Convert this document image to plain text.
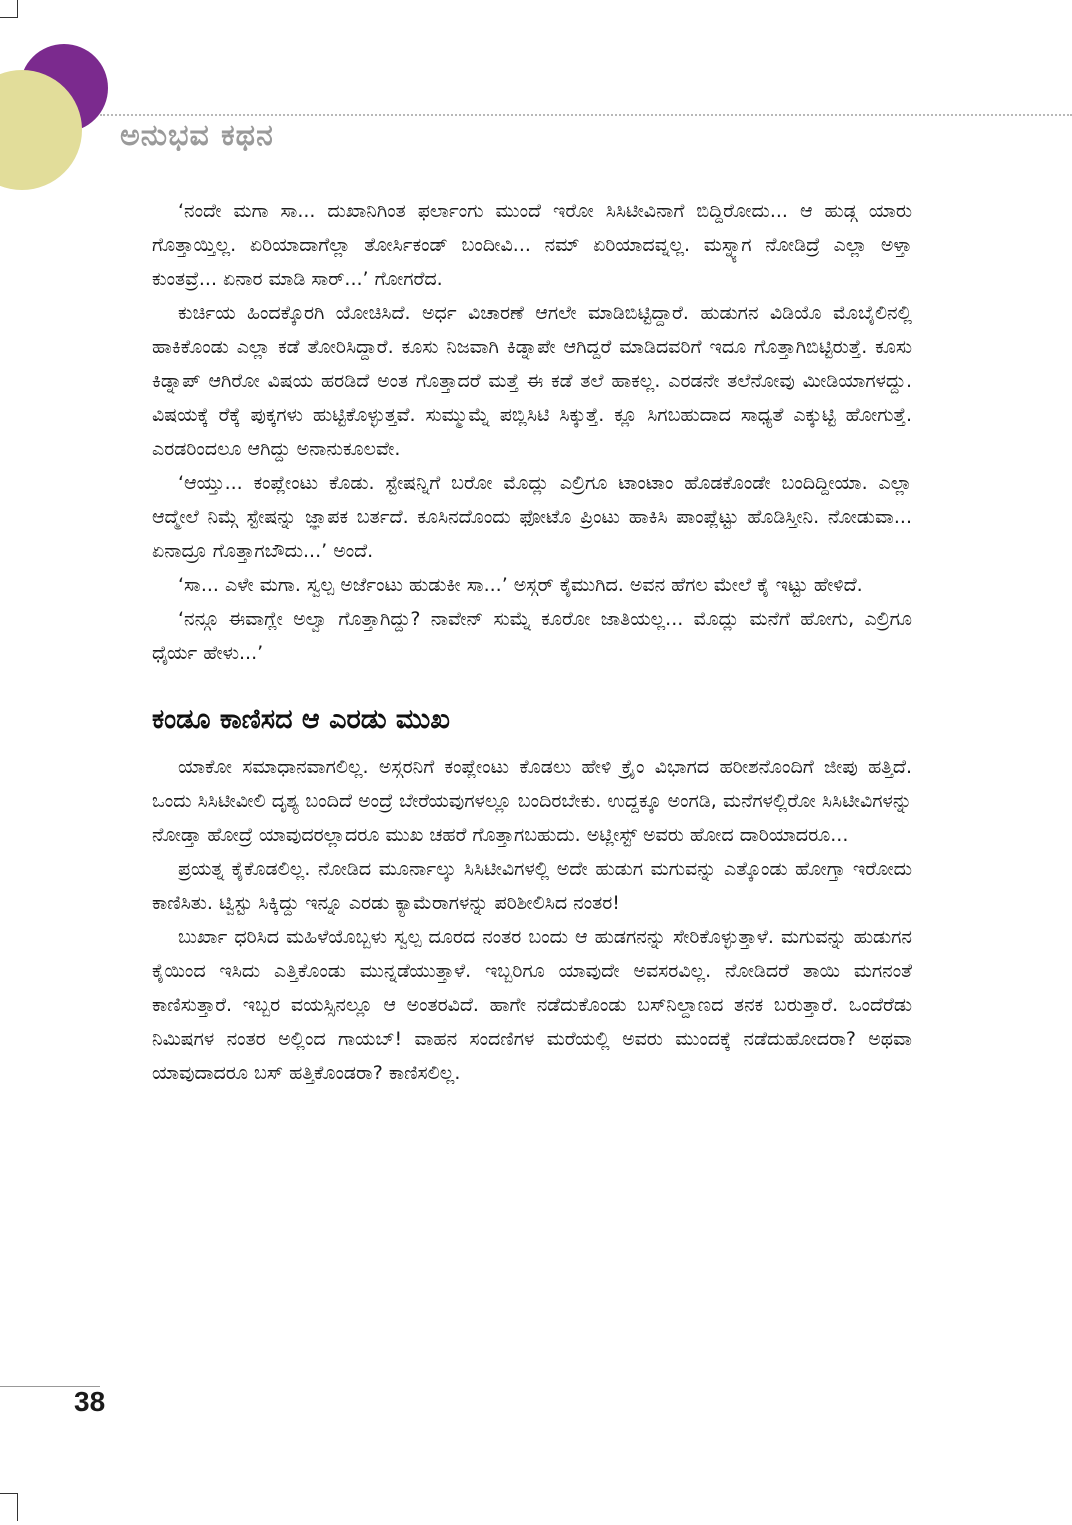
ಅನುಭವ ಕಥನ

‘ನಂದೇ ಮಗಾ ಸಾ... ದುಖಾನಿಗಿಂತ ಫರ್ಲಾಂಗು ಮುಂದೆ ಇರೋ ಸಿಸಿಟೀವಿನಾಗೆ ಬಿದ್ದಿರೋದು... ಆ ಹುಡ್ಗ ಯಾರು ಗೊತ್ತಾಯ್ತಿಲ್ಲ. ಏರಿಯಾದಾಗೆಲ್ಲಾ ತೋರ್ಸಿಕಂಡ್ ಬಂದೀವಿ... ನಮ್ ಏರಿಯಾದವ್ನಲ್ಲ. ಮಸ್ನ್ಯಾಗ ನೋಡಿದ್ರೆ ಎಲ್ಲಾ ಅಳ್ತಾ ಕುಂತವ್ರೆ... ಏನಾರ ಮಾಡಿ ಸಾರ್...’ ಗೋಗರೆದ.

ಕುರ್ಚಿಯ ಹಿಂದಕ್ಕೊರಗಿ ಯೋಚಿಸಿದೆ. ಅರ್ಧ ವಿಚಾರಣೆ ಆಗಲೇ ಮಾಡಿಬಿಟ್ಟಿದ್ದಾರೆ. ಹುಡುಗನ ವಿಡಿಯೊ ಮೊಬೈಲಿನಲ್ಲಿ ಹಾಕಿಕೊಂಡು ಎಲ್ಲಾ ಕಡೆ ತೋರಿಸಿದ್ದಾರೆ. ಕೂಸು ನಿಜವಾಗಿ ಕಿಡ್ನಾಪೇ ಆಗಿದ್ದರೆ ಮಾಡಿದವರಿಗೆ ಇದೂ ಗೊತ್ತಾಗಿಬಿಟ್ಟಿರುತ್ತೆ. ಕೂಸು ಕಿಡ್ನಾಪ್ ಆಗಿರೋ ವಿಷಯ ಹರಡಿದೆ ಅಂತ ಗೊತ್ತಾದರೆ ಮತ್ತೆ ಈ ಕಡೆ ತಲೆ ಹಾಕಲ್ಲ. ಎರಡನೇ ತಲೆನೋವು ಮೀಡಿಯಾಗಳದ್ದು. ವಿಷಯಕ್ಕೆ ರೆಕ್ಕೆ ಪುಕ್ಕಗಳು ಹುಟ್ಟಿಕೊಳ್ಳುತ್ತವೆ. ಸುಮ್ಮುಮ್ನೆ ಪಬ್ಲಿಸಿಟಿ ಸಿಕ್ಕುತ್ತೆ. ಕ್ಲೂ ಸಿಗಬಹುದಾದ ಸಾಧ್ಯತೆ ಎಕ್ಕುಟ್ಟಿ ಹೋಗುತ್ತೆ. ಎರಡರಿಂದಲೂ ಆಗಿದ್ದು ಅನಾನುಕೂಲವೇ.

‘ಆಯ್ತು... ಕಂಪ್ಲೇಂಟು ಕೊಡು. ಸ್ಟೇಷನ್ನಿಗೆ ಬರೋ ಮೊದ್ಲು ಎಲ್ರಿಗೂ ಟಾಂಟಾಂ ಹೊಡಕೊಂಡೇ ಬಂದಿದ್ದೀಯಾ. ಎಲ್ಲಾ ಆದ್ಮೇಲೆ ನಿಮ್ಗೆ ಸ್ಟೇಷನ್ನು ಜ್ಞಾಪಕ ಬರ್ತದೆ. ಕೂಸಿನದೊಂದು ಫೋಟೊ ಪ್ರಿಂಟು ಹಾಕಿಸಿ ಪಾಂಪ್ಲೆಟ್ಟು ಹೊಡಿಸ್ತೀನಿ. ನೋಡುವಾ... ಏನಾದ್ರೂ ಗೊತ್ತಾಗಬೌದು...’ ಅಂದೆ.

‘ಸಾ... ಎಳೇ ಮಗಾ. ಸ್ವಲ್ಪ ಅರ್ಜೆಂಟು ಹುಡುಕೀ ಸಾ...’ ಅಸ್ಗರ್ ಕೈಮುಗಿದ. ಅವನ ಹೆಗಲ ಮೇಲೆ ಕೈ ಇಟ್ಟು ಹೇಳಿದೆ.

‘ನನ್ಗೂ ಈವಾಗ್ಲೇ ಅಲ್ವಾ ಗೊತ್ತಾಗಿದ್ದು? ನಾವೇನ್ ಸುಮ್ನೆ ಕೂರೋ ಜಾತಿಯಲ್ಲ... ಮೊದ್ಲು ಮನೆಗೆ ಹೋಗು, ಎಲ್ರಿಗೂ ಧೈರ್ಯ ಹೇಳು...’

ಕಂಡೂ ಕಾಣಿಸದ ಆ ಎರಡು ಮುಖ

ಯಾಕೋ ಸಮಾಧಾನವಾಗಲಿಲ್ಲ. ಅಸ್ಗರನಿಗೆ ಕಂಪ್ಲೇಂಟು ಕೊಡಲು ಹೇಳಿ ಕ್ರೈಂ ವಿಭಾಗದ ಹರೀಶನೊಂದಿಗೆ ಜೀಪು ಹತ್ತಿದೆ. ಒಂದು ಸಿಸಿಟೀವೀಲಿ ದೃಶ್ಯ ಬಂದಿದೆ ಅಂದ್ರೆ ಬೇರೆಯವುಗಳಲ್ಲೂ ಬಂದಿರಬೇಕು. ಉದ್ದಕ್ಕೂ ಅಂಗಡಿ, ಮನೆಗಳಲ್ಲಿರೋ ಸಿಸಿಟೀವಿಗಳನ್ನು ನೋಡ್ತಾ ಹೋದ್ರೆ ಯಾವುದರಲ್ಲಾದರೂ ಮುಖ ಚಹರೆ ಗೊತ್ತಾಗಬಹುದು. ಅಟ್ಲೀಸ್ಟ್ ಅವರು ಹೋದ ದಾರಿಯಾದರೂ...

ಪ್ರಯತ್ನ ಕೈಕೊಡಲಿಲ್ಲ. ನೋಡಿದ ಮೂರ್ನಾಲ್ಕು ಸಿಸಿಟೀವಿಗಳಲ್ಲಿ ಅದೇ ಹುಡುಗ ಮಗುವನ್ನು ಎತ್ಕೊಂಡು ಹೋಗ್ತಾ ಇರೋದು ಕಾಣಿಸಿತು. ಟ್ವಿಸ್ಟು ಸಿಕ್ಕಿದ್ದು ಇನ್ನೂ ಎರಡು ಕ್ಯಾಮೆರಾಗಳನ್ನು ಪರಿಶೀಲಿಸಿದ ನಂತರ!

ಬುರ್ಖಾ ಧರಿಸಿದ ಮಹಿಳೆಯೊಬ್ಬಳು ಸ್ವಲ್ಪ ದೂರದ ನಂತರ ಬಂದು ಆ ಹುಡಗನನ್ನು ಸೇರಿಕೊಳ್ಳುತ್ತಾಳೆ. ಮಗುವನ್ನು ಹುಡುಗನ ಕೈಯಿಂದ ಇಸಿದು ಎತ್ತಿಕೊಂಡು ಮುನ್ನಡೆಯುತ್ತಾಳೆ. ಇಬ್ಬರಿಗೂ ಯಾವುದೇ ಅವಸರವಿಲ್ಲ. ನೋಡಿದರೆ ತಾಯಿ ಮಗನಂತೆ ಕಾಣಿಸುತ್ತಾರೆ. ಇಬ್ಬರ ವಯಸ್ಸಿನಲ್ಲೂ ಆ ಅಂತರವಿದೆ. ಹಾಗೇ ನಡೆದುಕೊಂಡು ಬಸ್‌ನಿಲ್ದಾಣದ ತನಕ ಬರುತ್ತಾರೆ. ಒಂದೆರೆಡು ನಿಮಿಷಗಳ ನಂತರ ಅಲ್ಲಿಂದ ಗಾಯಬ್! ವಾಹನ ಸಂದಣಿಗಳ ಮರೆಯಲ್ಲಿ ಅವರು ಮುಂದಕ್ಕೆ ನಡೆದುಹೋದರಾ? ಅಥವಾ ಯಾವುದಾದರೂ ಬಸ್ ಹತ್ತಿಕೊಂಡರಾ? ಕಾಣಿಸಲಿಲ್ಲ.

38
